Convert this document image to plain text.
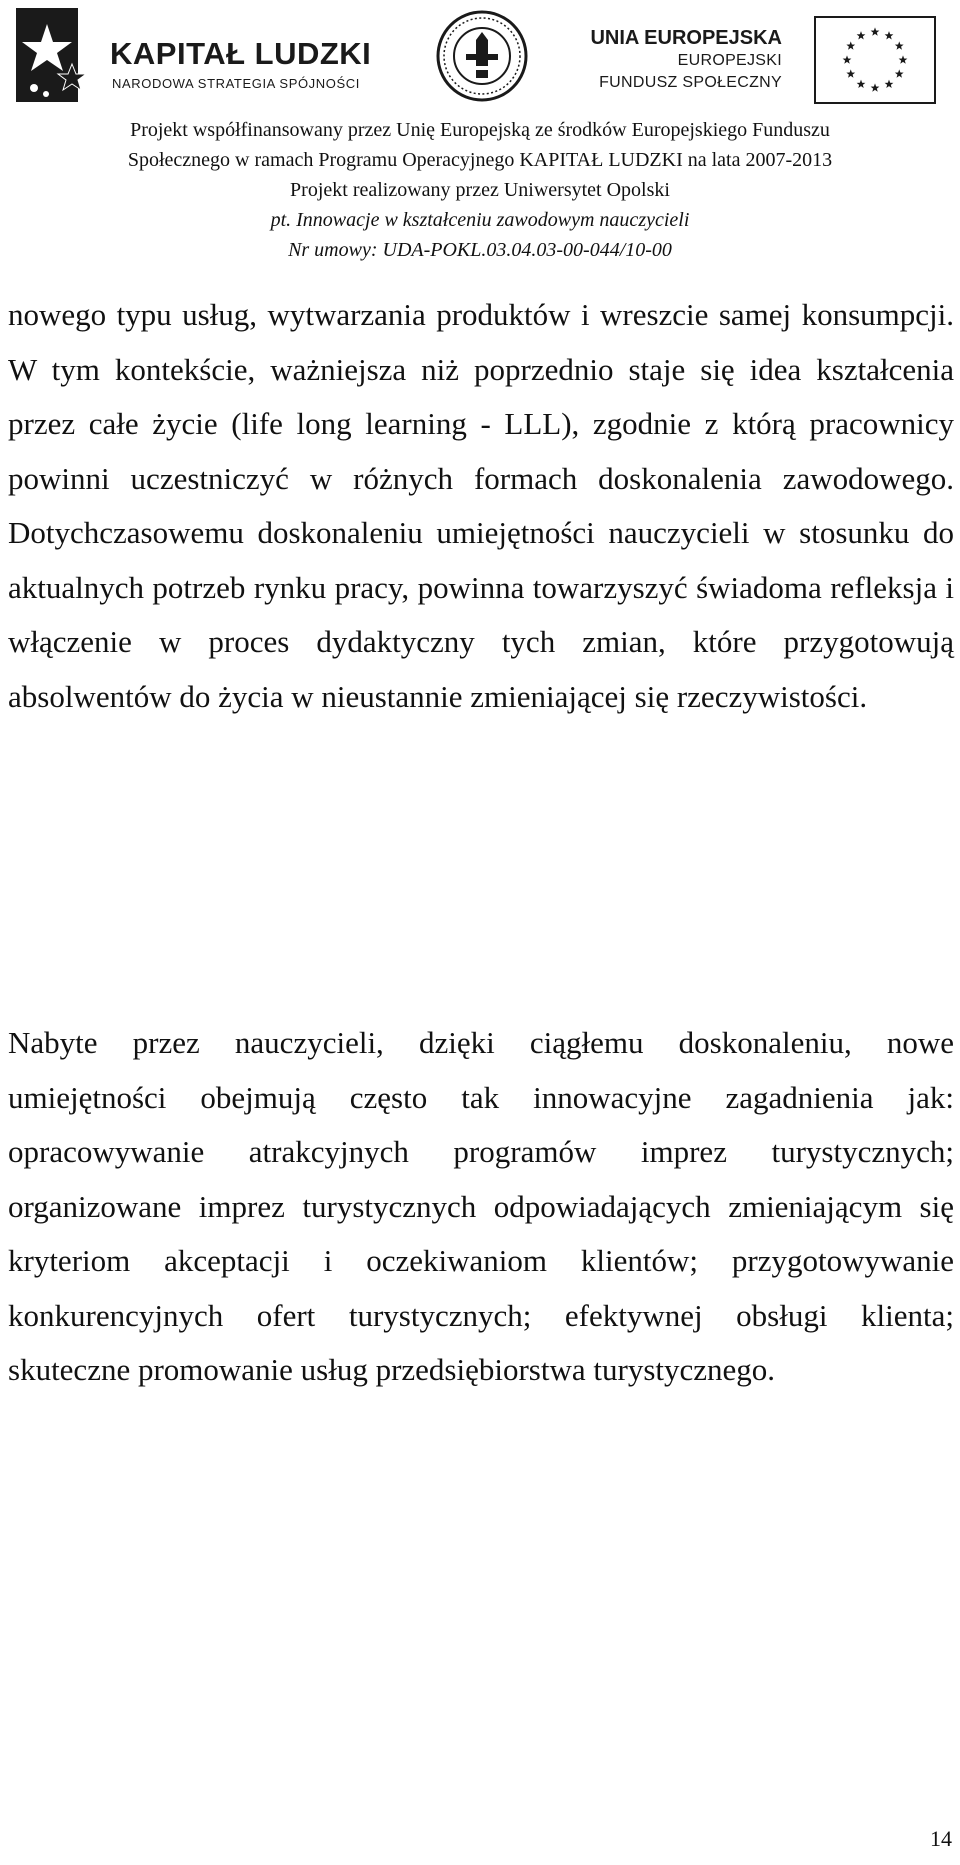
KAPITAŁ LUDZKI
NARODOWA STRATEGIA SPÓJNOŚCI
UNIA EUROPEJSKA
EUROPEJSKI
FUNDUSZ SPOŁECZNY
Projekt współfinansowany przez Unię Europejską ze środków Europejskiego Funduszu
Społecznego w ramach Programu Operacyjnego KAPITAŁ LUDZKI na lata 2007-2013
Projekt realizowany przez Uniwersytet Opolski
pt. Innowacje w kształceniu zawodowym nauczycieli
Nr umowy: UDA-POKL.03.04.03-00-044/10-00

nowego typu usług, wytwarzania produktów i wreszcie samej konsumpcji. W tym kontekście, ważniejsza niż poprzednio staje się idea kształcenia przez całe życie (life long learning - LLL), zgodnie z którą pracownicy powinni uczestniczyć w różnych formach doskonalenia zawodowego. Dotychczasowemu doskonaleniu umiejętności nauczycieli w stosunku do aktualnych potrzeb rynku pracy, powinna towarzyszyć świadoma refleksja i włączenie w proces dydaktyczny tych zmian, które przygotowują absolwentów do życia w nieustannie zmieniającej się rzeczywistości.

Nabyte przez nauczycieli, dzięki ciągłemu doskonaleniu, nowe umiejętności obejmują często tak innowacyjne zagadnienia jak: opracowywanie atrakcyjnych programów imprez turystycznych; organizowane imprez turystycznych odpowiadających zmieniającym się kryteriom akceptacji i oczekiwaniom klientów; przygotowywanie konkurencyjnych ofert turystycznych; efektywnej obsługi klienta; skuteczne promowanie usług przedsiębiorstwa turystycznego.

14
